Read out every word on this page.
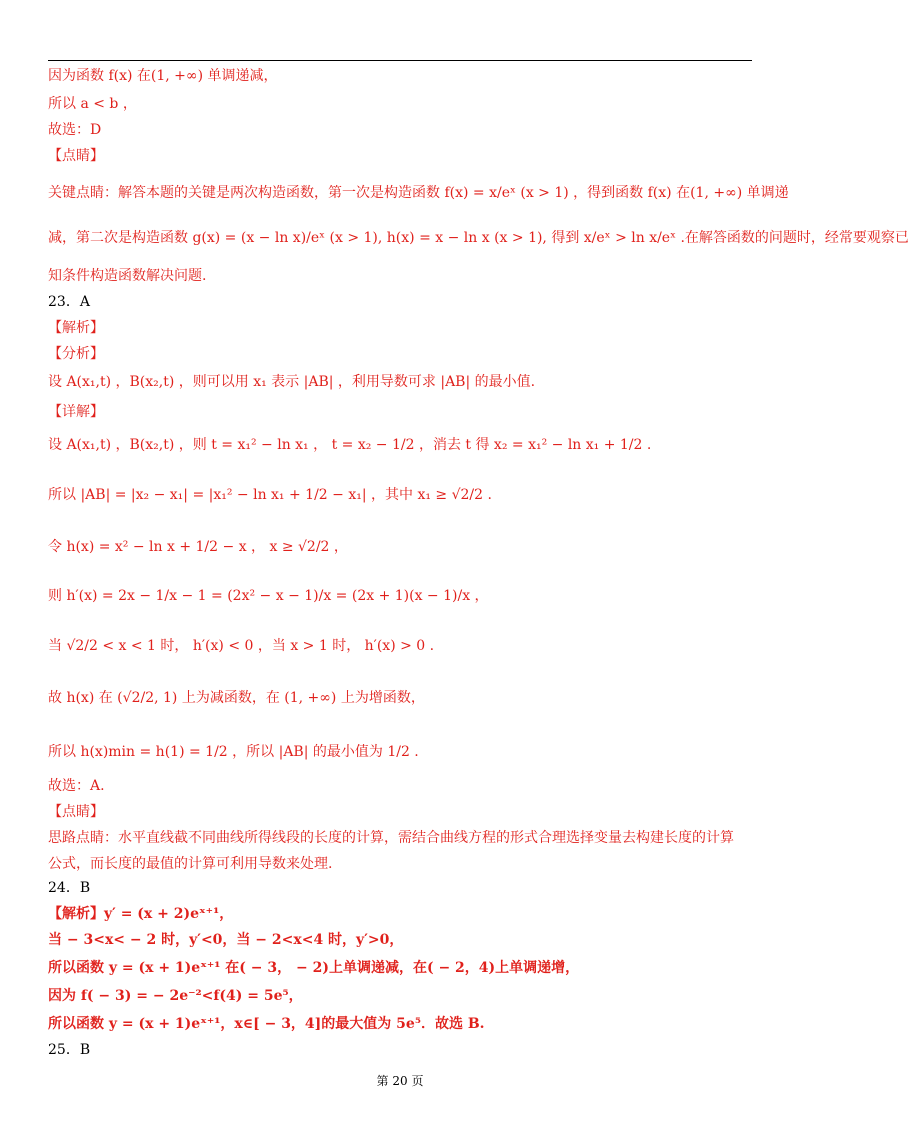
因为函数 f(x) 在(1, +∞) 单调递减，
所以 a < b ，
故选：D
【点睛】
关键点睛：解答本题的关键是两次构造函数，第一次是构造函数 f(x) = x/eˣ (x > 1) ，得到函数 f(x) 在(1, +∞) 单调递
减，第二次是构造函数 g(x) = (x − ln x)/eˣ (x > 1), h(x) = x − ln x (x > 1), 得到 x/eˣ > ln x/eˣ .在解答函数的问题时，经常要观察已
知条件构造函数解决问题.
23．A
【解析】
【分析】
设 A(x₁,t) ，B(x₂,t) ，则可以用 x₁ 表示 |AB| ，利用导数可求 |AB| 的最小值.
【详解】
设 A(x₁,t) ，B(x₂,t) ，则 t = x₁² − ln x₁ ， t = x₂ − 1/2 ，消去 t 得 x₂ = x₁² − ln x₁ + 1/2 .
所以 |AB| = |x₂ − x₁| = |x₁² − ln x₁ + 1/2 − x₁| ，其中 x₁ ≥ √2/2 .
令 h(x) = x² − ln x + 1/2 − x ， x ≥ √2/2 ，
则 h′(x) = 2x − 1/x − 1 = (2x² − x − 1)/x = (2x + 1)(x − 1)/x ，
当 √2/2 < x < 1 时， h′(x) < 0 ，当 x > 1 时， h′(x) > 0 .
故 h(x) 在 (√2/2, 1) 上为减函数，在 (1, +∞) 上为增函数，
所以 h(x)min = h(1) = 1/2 ，所以 |AB| 的最小值为 1/2 .
故选：A.
【点睛】
思路点睛：水平直线截不同曲线所得线段的长度的计算，需结合曲线方程的形式合理选择变量去构建长度的计算
公式，而长度的最值的计算可利用导数来处理.
24．B
【解析】y′ = (x + 2)eˣ⁺¹，
当 − 3<x< − 2 时，y′<0，当 − 2<x<4 时，y′>0，
所以函数 y = (x + 1)eˣ⁺¹ 在( − 3， − 2)上单调递减，在( − 2，4)上单调递增，
因为 f( − 3) = − 2e⁻²<f(4) = 5e⁵，
所以函数 y = (x + 1)eˣ⁺¹，x∈[ − 3，4]的最大值为 5e⁵．故选 B.
25．B
第 20 页
